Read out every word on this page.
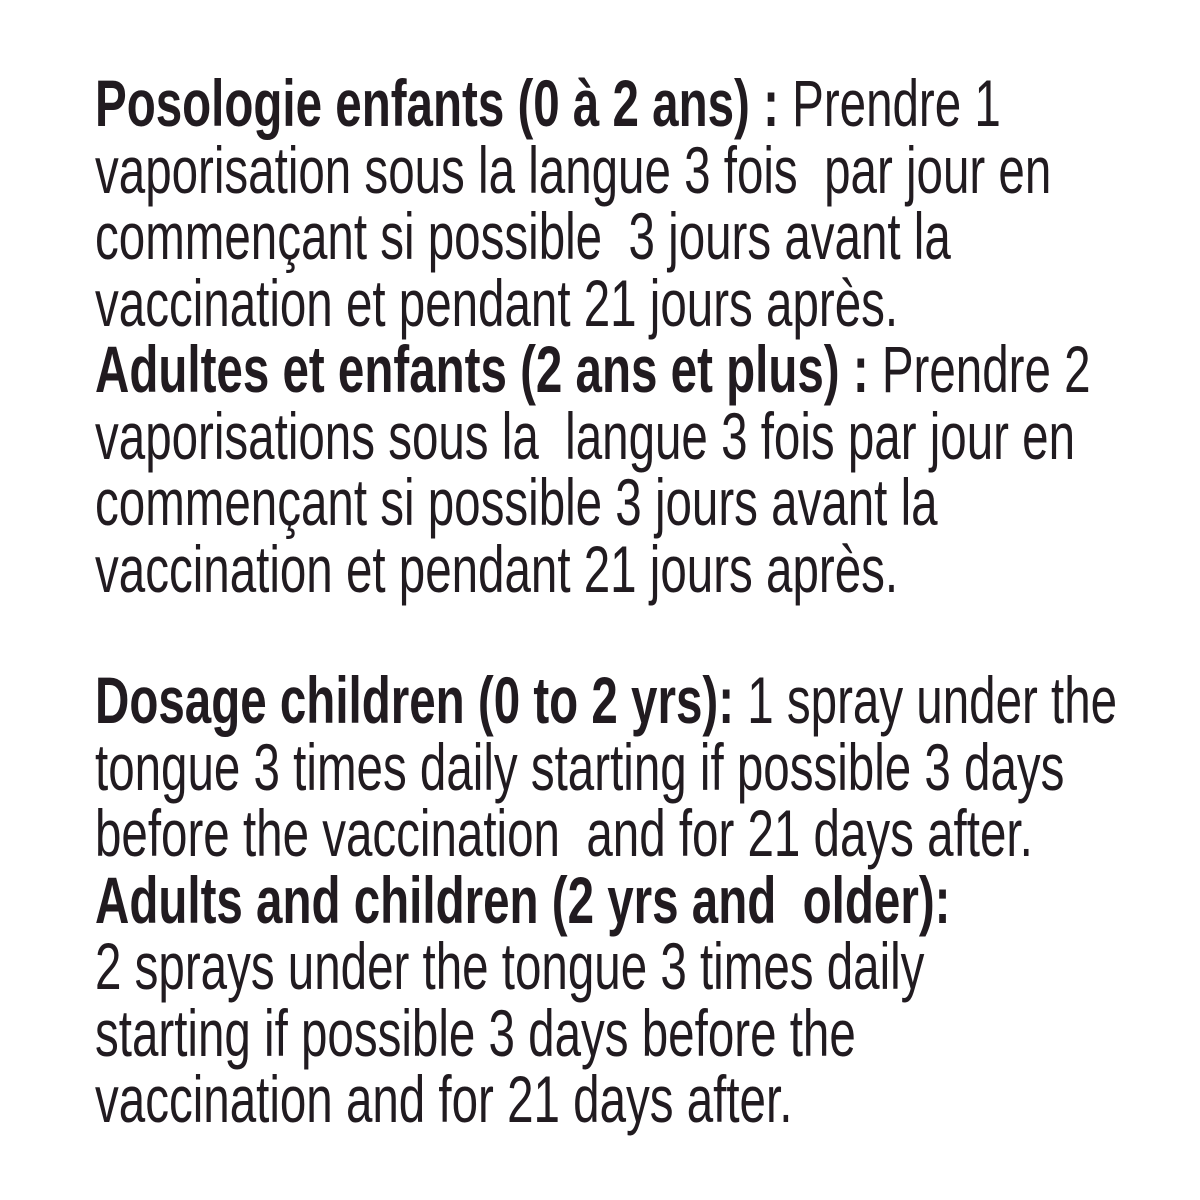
Posologie enfants (0 à 2 ans) : Prendre 1
vaporisation sous la langue 3 fois  par jour en
commençant si possible  3 jours avant la
vaccination et pendant 21 jours après.
Adultes et enfants (2 ans et plus) : Prendre 2
vaporisations sous la  langue 3 fois par jour en
commençant si possible 3 jours avant la
vaccination et pendant 21 jours après.
Dosage children (0 to 2 yrs): 1 spray under the
tongue 3 times daily starting if possible 3 days
before the vaccination  and for 21 days after.
Adults and children (2 yrs and  older):
2 sprays under the tongue 3 times daily
starting if possible 3 days before the
vaccination and for 21 days after.
